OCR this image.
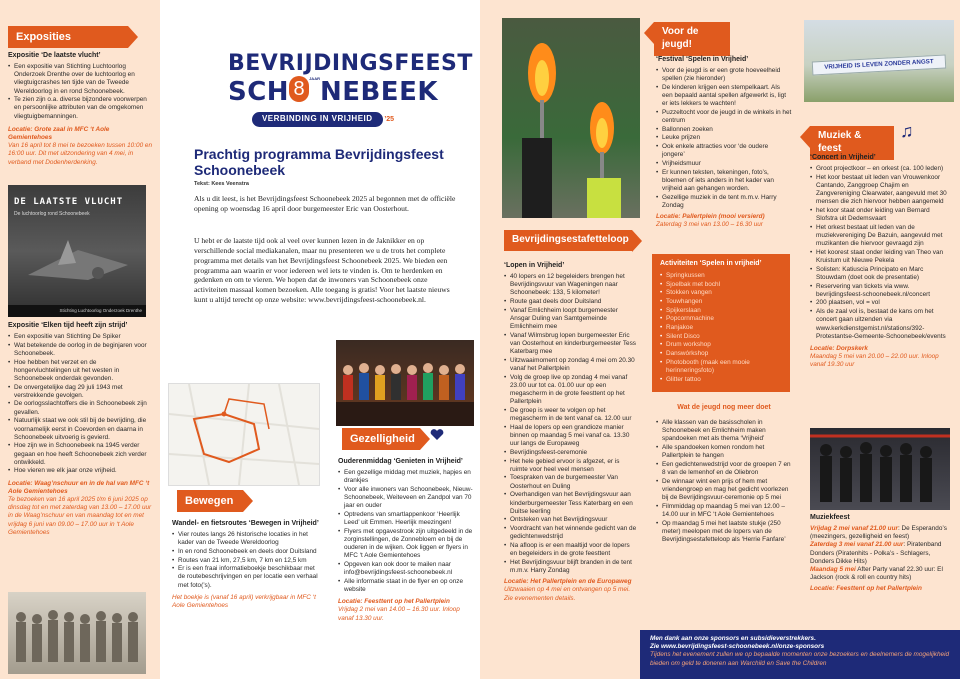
Exposities
Expositie ‘De laatste vlucht’
• Een expositie van Stichting Luchtoorlog Onderzoek Drenthe over de luchtoorlog en vliegtuigcrashes ten tijde van de Tweede Wereldoorlog in en rond Schoonebeek.
• Te zien zijn o.a. diverse bijzondere voorwerpen en persoonlijke attributen van de omgekomen vliegtuigbemanningen.
Locatie: Grote zaal in MFC ‘t Aole Gemientehoes
Van 16 april tot 8 mei te bezoeken tussen 10:00 en 16:00 uur. Dit met uitzondering van 4 mei, in verband met Dodenherdenking.
DE LAATSTE VLUCHT
De luchtoorlog rond Schoonebeek
Stichting Luchtoorlog Onderzoek Drenthe
Expositie ‘Elken tijd heeft zijn strijd’
• Een expositie van Stichting De Spiker
• Wat betekende de oorlog in de beginjaren voor Schoonebeek.
• Hoe hebben het verzet en de hongervluchtelingen uit het westen in Schoonebeek onderdak gevonden.
• De onvergetelijke dag 29 juli 1943 met verstrekkende gevolgen.
• De oorlogsslachtoffers die in Schoonebeek zijn gevallen.
• Natuurlijk staat we ook stil bij de bevrijding, die voornamelijk eerst in Coevorden en daarna in Schoonebeek uitvoerig is gevierd.
• Hoe zijn we in Schoonebeek na 1945 verder gegaan en hoe heeft Schoonebeek zich verder ontwikkeld.
• Hoe vieren we elk jaar onze vrijheid.
Locatie: Waag’nschuur en in de hal van MFC ‘t Aole Gemientehoes
Te bezoeken van 16 april 2025 t/m 6 juni 2025 op dinsdag tot en met zaterdag van 13.00 – 17.00 uur in de Waag’nschuur en van maandag tot en met vrijdag 6 juni van 09.00 – 17.00 uur in ‘t Aole Gemientehoes
BEVRIJDINGSFEEST
SCH 8 $^{JAAR}$NEBEEK
VERBINDING IN VRIJHEID ’25
Prachtig programma Bevrijdingsfeest Schoonebeek
Tekst: Kees Veenstra
Als u dit leest, is het Bevrijdingsfeest Schoonebeek 2025 al begonnen met de officiële opening op woensdag 16 april door burgemeester Eric van Oosterhout.
U hebt er de laatste tijd ook al veel over kunnen lezen in de Jaknikker en op verschillende social mediakanalen, maar nu presenteren we u de trots het complete programma met details van het Bevrijdingsfeest Schoonebeek 2025. We bieden een programma aan waarin er voor iedereen wel iets te vinden is. Om te herdenken en gedenken en om te vieren. We hopen dat de inwoners van Schoonebeek onze activiteiten massaal komen bezoeken. Alle toegang is gratis! Voor het laatste nieuws kunt u altijd terecht op onze website: www.bevrijdingsfeest-schoonebeek.nl.
Bewegen
Wandel- en fietsroutes ‘Bewegen in Vrijheid’
• Vier routes langs 26 historische locaties in het kader van de Tweede Wereldoorlog
• In en rond Schoonebeek en deels door Duitsland
• Routes van 21 km, 27,5 km, 7 km en 12,5 km
• Er is een fraai informatieboekje beschikbaar met de routebeschrijvingen en per locatie een verhaal met foto(’s).
Het boekje is (vanaf 16 april) verkrijgbaar in MFC ‘t Aole Gemientehoes
Gezelligheid
Ouderenmiddag ‘Genieten in Vrijheid’
• Een gezellige middag met muziek, hapjes en drankjes
• Voor alle inwoners van Schoonebeek, Nieuw-Schoonebeek, Weiteveen en Zandpol van 70 jaar en ouder
• Optredens van smartlappenkoor ‘Heerlijk Leed’ uit Emmen. Heerlijk meezingen!
• Flyers met opgavestrook zijn uitgedeeld in de zorginstellingen, de Zonnebloem en bij de ouderen in de wijken. Ook liggen er flyers in MFC ‘t Aole Gemientehoes
• Opgeven kan ook door te mailen naar info@bevrijdingsfeest-schoonebeek.nl
• Alle informatie staat in de flyer en op onze website
Locatie: Feesttent op het Pallertplein
Vrijdag 2 mei van 14.00 – 16.30 uur. Inloop vanaf 13.30 uur.
Bevrijdingsestafetteloop
‘Lopen in Vrijheid’
• 40 lopers en 12 begeleiders brengen het Bevrijdingsvuur van Wageningen naar Schoonebeek: 133, 5 kilometer!
• Route gaat deels door Duitsland
• Vanaf Emlichheim loopt burgemeester Ansgar Duling van Samtgemeinde Emlichheim mee
• Vanaf Wilmsbrug lopen burgemeester Eric van Oosterhout en kinderburgemeester Tess Katerbarg mee
• Uitzwaaimoment op zondag 4 mei om 20.30 vanaf het Pallertplein
• Volg de groep live op zondag 4 mei vanaf 23.00 uur tot ca. 01.00 uur op een megascherm in de grote feesttent op het Pallertplein
• De groep is weer te volgen op het megascherm in de tent vanaf ca. 12.00 uur
• Haal de lopers op een grandioze manier binnen op maandag 5 mei vanaf ca. 13.30 uur langs de Europaweg
• Bevrijdingsfeest-ceremonie
• Het hele gebied ervoor is afgezet, er is ruimte voor heel veel mensen
• Toespraken van de burgemeester Van Oosterhout en Duling
• Overhandigen van het Bevrijdingsvuur aan kinderburgemeester Tess Katerbarg en een Duitse leerling
• Ontsteken van het Bevrijdingsvuur
• Voordracht van het winnende gedicht van de gedichtenwedstrijd
• Na afloop is er een maaltijd voor de lopers en begeleiders in de grote feesttent
• Het Bevrijdingsvuur blijft branden in de tent m.m.v. Harry Zondag
Locatie: Het Pallertplein en de Europaweg
Uitzwaaien op 4 mei en ontvangen op 5 mei. Zie evenementen details.
Voor de jeugd!
‘Festival ‘Spelen in Vrijheid’
• Voor de jeugd is er een grote hoeveelheid spellen (zie hieronder)
• De kinderen krijgen een stempelkaart. Als een bepaald aantal spellen afgewerkt is, ligt er iets lekkers te wachten!
• Puzzeltocht voor de jeugd in de winkels in het centrum
• Ballonnen zoeken
• Leuke prijzen
• Ook enkele attracties voor ‘de oudere jongere’
• Vrijheidsmuur
• Er kunnen teksten, tekeningen, foto’s, bloemen of iets anders in het kader van vrijheid aan gehangen worden.
• Gezellige muziek in de tent m.m.v. Harry Zondag
Locatie: Pallertplein (mooi versierd)
Zaterdag 3 mei van 13.00 – 16.30 uur
Activiteiten ‘Spelen in vrijheid’
• Springkussen
• Sjoelbak met bochl
• Stokken vangen
• Touwhangen
• Spijkerslaan
• Popcornmachine
• Ranjakoe
• Silent Disco
• Drum workshop
• Danswórkshop
• Photobooth (maak een mooie herinneringsfoto)
• Glitter tattoo
Wat de jeugd nog meer doet
• Alle klassen van de basisscholen in Schoonebeek en Emlichheim maken spandoeken met als thema ‘Vrijheid’
• Alle spandoeken komen rondom het Pallertplein te hangen
• Een gedichtenwedstrijd voor de groepen 7 en 8 van de lemenhof en de Oliebron
• De winnaar wint een prijs of hem met vriendengroep en mag het gedicht voorlezen bij de Bevrijdingsvuur-ceremonie op 5 mei
• Filmmiddag op maandag 5 mei van 12.00 – 14.00 uur in MFC ‘t Aole Gemientehoes
• Op maandag 5 mei het laatste stukje (250 meter) meelopen met de lopers van de Bevrijdingsestafetteloop als ‘Herrie Fanfare’
VRIJHEID IS LEVEN ZONDER ANGST
Muziek & feest
♫
‘Concert in Vrijheid’
• Groot projectkoor – en orkest (ca. 100 leden)
• Het koor bestaat uit leden van Vrouwenkoor Cantando, Zanggroep Chajim en Zangvereniging Clearwater, aangevuld met 30 mensen die zich hiervoor hebben aangemeld
• het koor staat onder leiding van Bernard Slofstra uit Dedemsvaart
• Het orkest bestaat uit leden van de muziekvereniging De Bazuin, aangevuld met muzikanten die hiervoor gevraagd zijn
• Het koorest staat onder leiding van Theo van Kruistum uit Nieuwe Pekela
• Solisten: Katiuscia Principato en Marc Stouwdam (doet ook de presentatie)
• Reservering van tickets via www. bevrijdingsfeest-schoonebeek.nl/concert
• 200 plaatsen, vol = vol
• Als de zaal vol is, bestaat de kans om het concert gaan uitzenden via www.kerkdienstgemist.nl/stations/392-Protestantse-Gemeente-Schoonebeek/events
Locatie: Dorpskerk
Maandag 5 mei van 20.00 – 22.00 uur. Inloop vanaf 19.30 uur
Muziekfeest
Vrijdag 2 mei vanaf 21.00 uur: De Esperando’s (meezingers, gezelligheid en feest)
Zaterdag 3 mei vanaf 21.00 uur: Piratenband Donders (Piratenhits - Polka’s - Schlagers, Donders Dikke Hits)
Maandag 5 mei After Party vanaf 22.30 uur: El Jackson (rock & roll en country hits)
Locatie: Feesttent op het Pallertplein
Men dank aan onze sponsors en subsidieverstrekkers.
Zie www.bevrijdingsfeest-schoonebeek.nl/onze-sponsors
Tijdens het evenement zullen we op bepaalde momenten onze bezoekers en deelnemers de mogelijkheid bieden om geld te doneren aan Warchild en Save the Children
